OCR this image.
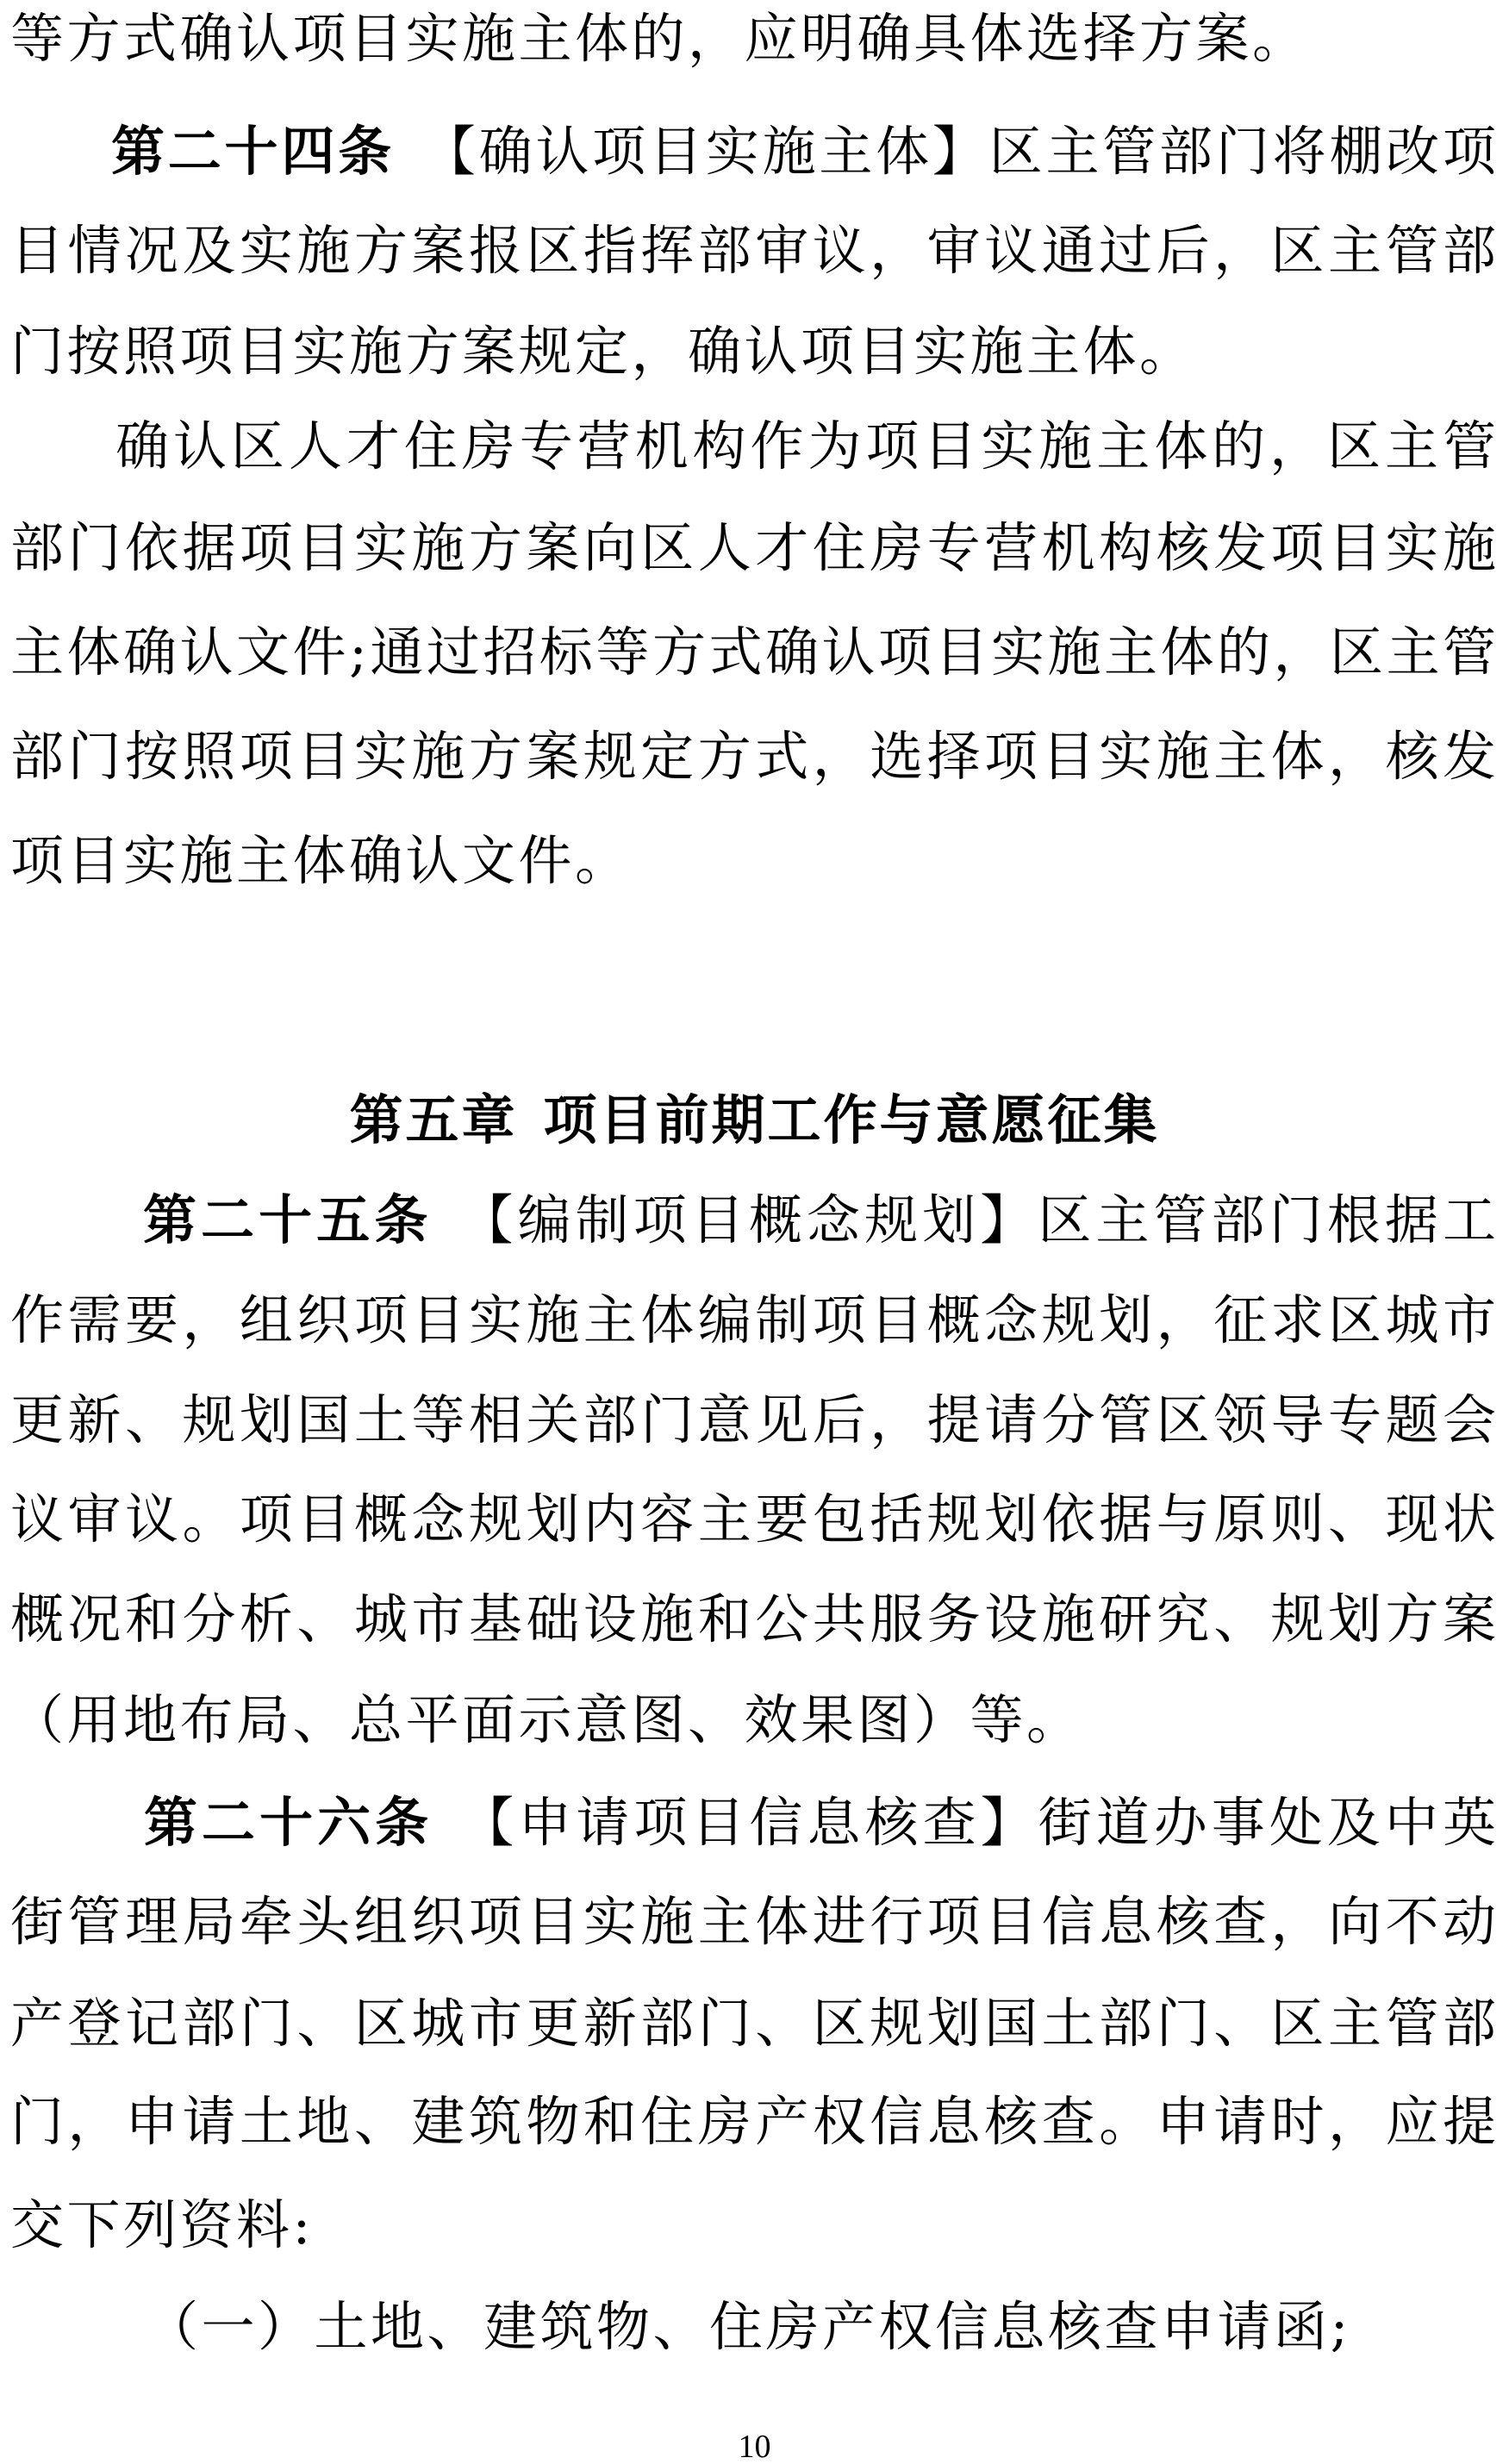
等方式确认项目实施主体的，应明确具体选择方案。
第二十四条 【确认项目实施主体】区主管部门将棚改项
目情况及实施方案报区指挥部审议，审议通过后，区主管部
门按照项目实施方案规定，确认项目实施主体。
确认区人才住房专营机构作为项目实施主体的，区主管
部门依据项目实施方案向区人才住房专营机构核发项目实施
主体确认文件;通过招标等方式确认项目实施主体的，区主管
部门按照项目实施方案规定方式，选择项目实施主体，核发
项目实施主体确认文件。
第五章 项目前期工作与意愿征集
第二十五条 【编制项目概念规划】区主管部门根据工
作需要，组织项目实施主体编制项目概念规划，征求区城市
更新、规划国土等相关部门意见后，提请分管区领导专题会
议审议。项目概念规划内容主要包括规划依据与原则、现状
概况和分析、城市基础设施和公共服务设施研究、规划方案
（用地布局、总平面示意图、效果图）等。
第二十六条 【申请项目信息核查】街道办事处及中英
街管理局牵头组织项目实施主体进行项目信息核查，向不动
产登记部门、区城市更新部门、区规划国土部门、区主管部
门，申请土地、建筑物和住房产权信息核查。申请时，应提
交下列资料:
（一）土地、建筑物、住房产权信息核查申请函;
10
